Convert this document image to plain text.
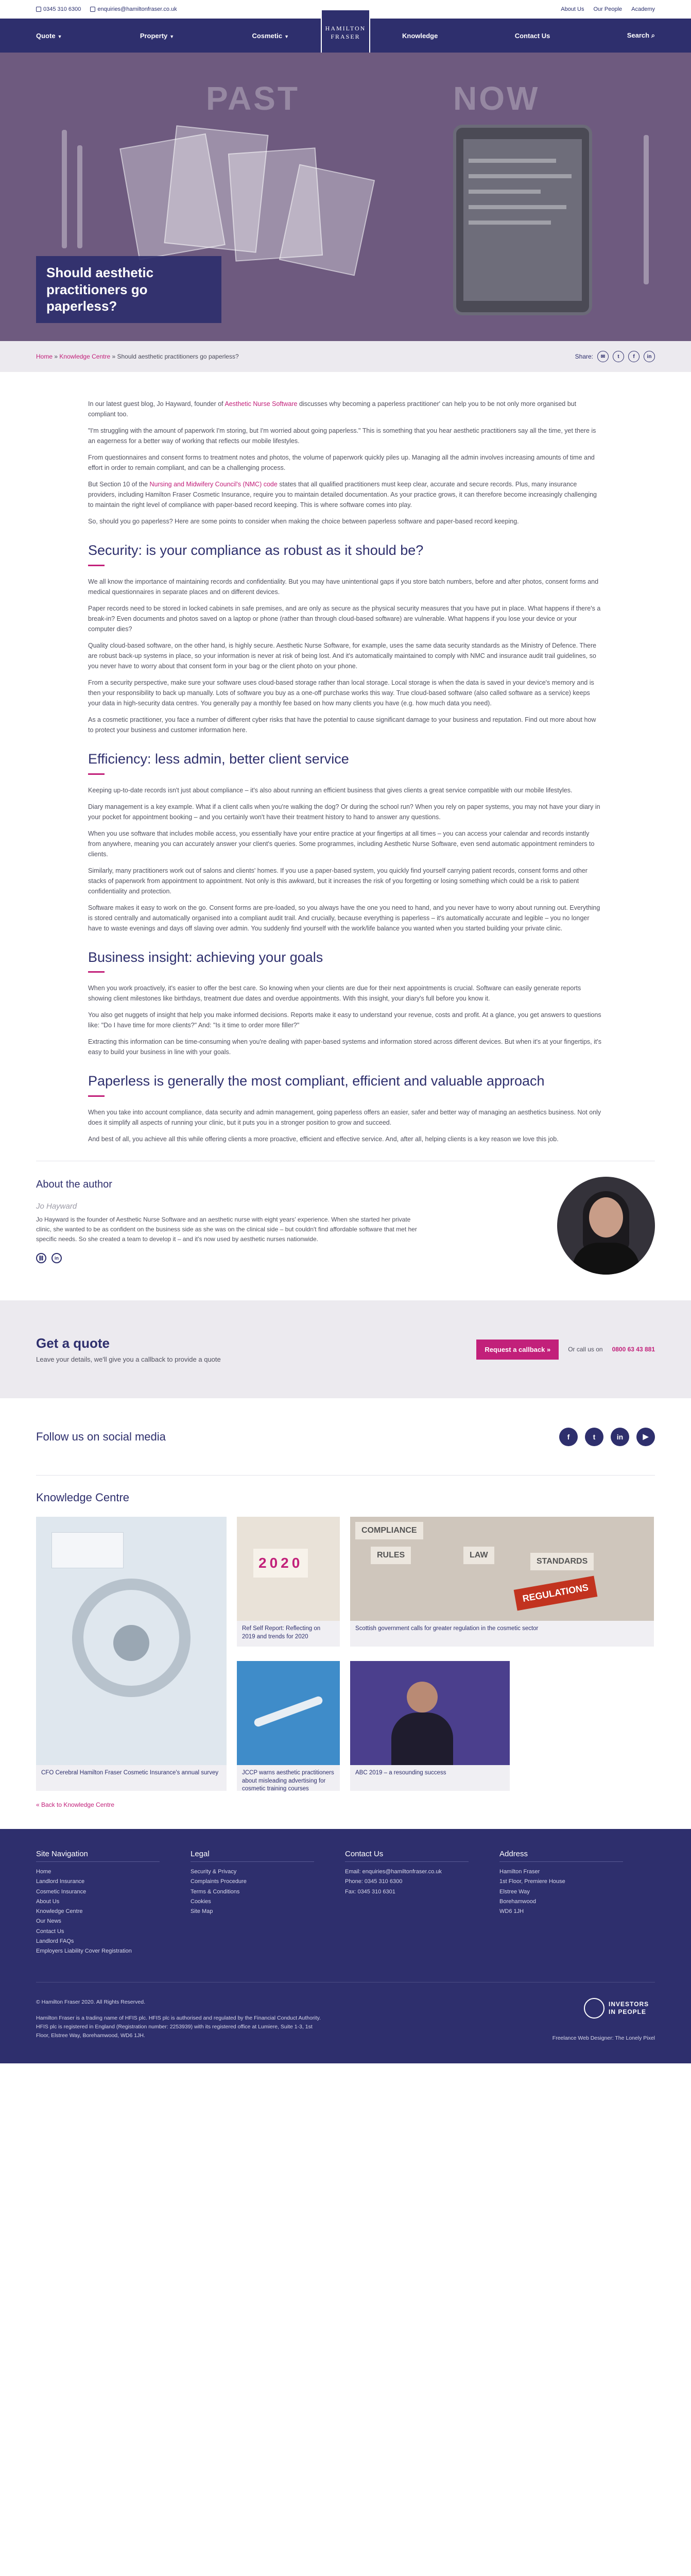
0345 310 6300	enquiries@hamiltonfraser.co.uk	About Us Our People Academy
Quote ▼	Property ▼	Cosmetic ▼
HAMILTON
FRASER	Knowledge	Contact Us	Search ⌕
PAST	NOW
Should aesthetic practitioners go paperless?
Home » Knowledge Centre » Should aesthetic practitioners go paperless?	Share:	✉	t	f	in

In our latest guest blog, Jo Hayward, founder of Aesthetic Nurse Software discusses why becoming a paperless practitioner' can help you to be not only more organised but compliant too.

"I'm struggling with the amount of paperwork I'm storing, but I'm worried about going paperless." This is something that you hear aesthetic practitioners say all the time, yet there is an eagerness for a better way of working that reflects our mobile lifestyles.

From questionnaires and consent forms to treatment notes and photos, the volume of paperwork quickly piles up. Managing all the admin involves increasing amounts of time and effort in order to remain compliant, and can be a challenging process.

But Section 10 of the Nursing and Midwifery Council's (NMC) code states that all qualified practitioners must keep clear, accurate and secure records. Plus, many insurance providers, including Hamilton Fraser Cosmetic Insurance, require you to maintain detailed documentation. As your practice grows, it can therefore become increasingly challenging to maintain the right level of compliance with paper-based record keeping. This is where software comes into play.

So, should you go paperless? Here are some points to consider when making the choice between paperless software and paper-based record keeping.

Security: is your compliance as robust as it should be?

We all know the importance of maintaining records and confidentiality. But you may have unintentional gaps if you store batch numbers, before and after photos, consent forms and medical questionnaires in separate places and on different devices.

Paper records need to be stored in locked cabinets in safe premises, and are only as secure as the physical security measures that you have put in place. What happens if there's a break-in? Even documents and photos saved on a laptop or phone (rather than through cloud-based software) are vulnerable. What happens if you lose your device or your computer dies?

Quality cloud-based software, on the other hand, is highly secure. Aesthetic Nurse Software, for example, uses the same data security standards as the Ministry of Defence. There are robust back-up systems in place, so your information is never at risk of being lost. And it's automatically maintained to comply with NMC and insurance audit trail guidelines, so you never have to worry about that consent form in your bag or the client photo on your phone.

From a security perspective, make sure your software uses cloud-based storage rather than local storage. Local storage is when the data is saved in your device's memory and is then your responsibility to back up manually. Lots of software you buy as a one-off purchase works this way. True cloud-based software (also called software as a service) keeps your data in high-security data centres. You generally pay a monthly fee based on how many clients you have (e.g. how much data you need).

As a cosmetic practitioner, you face a number of different cyber risks that have the potential to cause significant damage to your business and reputation. Find out more about how to protect your business and customer information here.

Efficiency: less admin, better client service

Keeping up-to-date records isn't just about compliance – it's also about running an efficient business that gives clients a great service compatible with our mobile lifestyles.

Diary management is a key example. What if a client calls when you're walking the dog? Or during the school run? When you rely on paper systems, you may not have your diary in your pocket for appointment booking – and you certainly won't have their treatment history to hand to answer any questions.

When you use software that includes mobile access, you essentially have your entire practice at your fingertips at all times – you can access your calendar and records instantly from anywhere, meaning you can accurately answer your client's queries. Some programmes, including Aesthetic Nurse Software, even send automatic appointment reminders to clients.

Similarly, many practitioners work out of salons and clients' homes. If you use a paper-based system, you quickly find yourself carrying patient records, consent forms and other stacks of paperwork from appointment to appointment. Not only is this awkward, but it increases the risk of you forgetting or losing something which could be a risk to patient confidentiality and protection.

Software makes it easy to work on the go. Consent forms are pre-loaded, so you always have the one you need to hand, and you never have to worry about running out. Everything is stored centrally and automatically organised into a compliant audit trail. And crucially, because everything is paperless – it's automatically accurate and legible – you no longer have to waste evenings and days off slaving over admin. You suddenly find yourself with the work/life balance you wanted when you started building your private clinic.

Business insight: achieving your goals

When you work proactively, it's easier to offer the best care. So knowing when your clients are due for their next appointments is crucial. Software can easily generate reports showing client milestones like birthdays, treatment due dates and overdue appointments. With this insight, your diary's full before you know it.

You also get nuggets of insight that help you make informed decisions. Reports make it easy to understand your revenue, costs and profit. At a glance, you get answers to questions like: "Do I have time for more clients?" And: "Is it time to order more filler?"

Extracting this information can be time-consuming when you're dealing with paper-based systems and information stored across different devices. But when it's at your fingertips, it's easy to build your business in line with your goals.

Paperless is generally the most compliant, efficient and valuable approach

When you take into account compliance, data security and admin management, going paperless offers an easier, safer and better way of managing an aesthetics business. Not only does it simplify all aspects of running your clinic, but it puts you in a stronger position to grow and succeed.

And best of all, you achieve all this while offering clients a more proactive, efficient and effective service. And, after all, helping clients is a key reason we love this job.

About the author
Jo Hayward

Jo Hayward is the founder of Aesthetic Nurse Software and an aesthetic nurse with eight years' experience. When she started her private clinic, she wanted to be as confident on the business side as she was on the clinical side – but couldn't find affordable software that met her specific needs. So she created a team to develop it – and it's now used by aesthetic nurses nationwide.

⛓	in
Get a quote
Leave your details, we'll give you a callback to provide a quote
Request a callback »	Or call us on 0800 63 43 881
Follow us on social media	f	t	in	▶
Knowledge Centre
CFO Cerebral Hamilton Fraser Cosmetic Insurance's annual survey
2020
Ref Self Report: Reflecting on 2019 and trends for 2020
COMPLIANCE
RULES	LAW
STANDARDS
REGULATIONS
Scottish government calls for greater regulation in the cosmetic sector
JCCP warns aesthetic practitioners about misleading advertising for cosmetic training courses
ABC 2019 – a resounding success
« Back to Knowledge Centre
Site Navigation
Home
Landlord Insurance
Cosmetic Insurance
About Us
Knowledge Centre
Our News
Contact Us
Landlord FAQs
Employers Liability Cover Registration
Legal
Security & Privacy
Complaints Procedure
Terms & Conditions
Cookies
Site Map
Contact Us
Email: enquiries@hamiltonfraser.co.uk
Phone: 0345 310 6300
Fax: 0345 310 6301
Address
Hamilton Fraser
1st Floor, Premiere House
Elstree Way
Borehamwood
WD6 1JH
© Hamilton Fraser 2020. All Rights Reserved.
Hamilton Fraser is a trading name of HFIS plc. HFIS plc is authorised and regulated by the Financial Conduct Authority. HFIS plc is registered in England (Registration number: 2253939) with its registered office at Lumiere, Suite 1-3, 1st Floor, Elstree Way, Borehamwood, WD6 1JH.
INVESTORS IN PEOPLE
Freelance Web Designer: The Lonely Pixel
